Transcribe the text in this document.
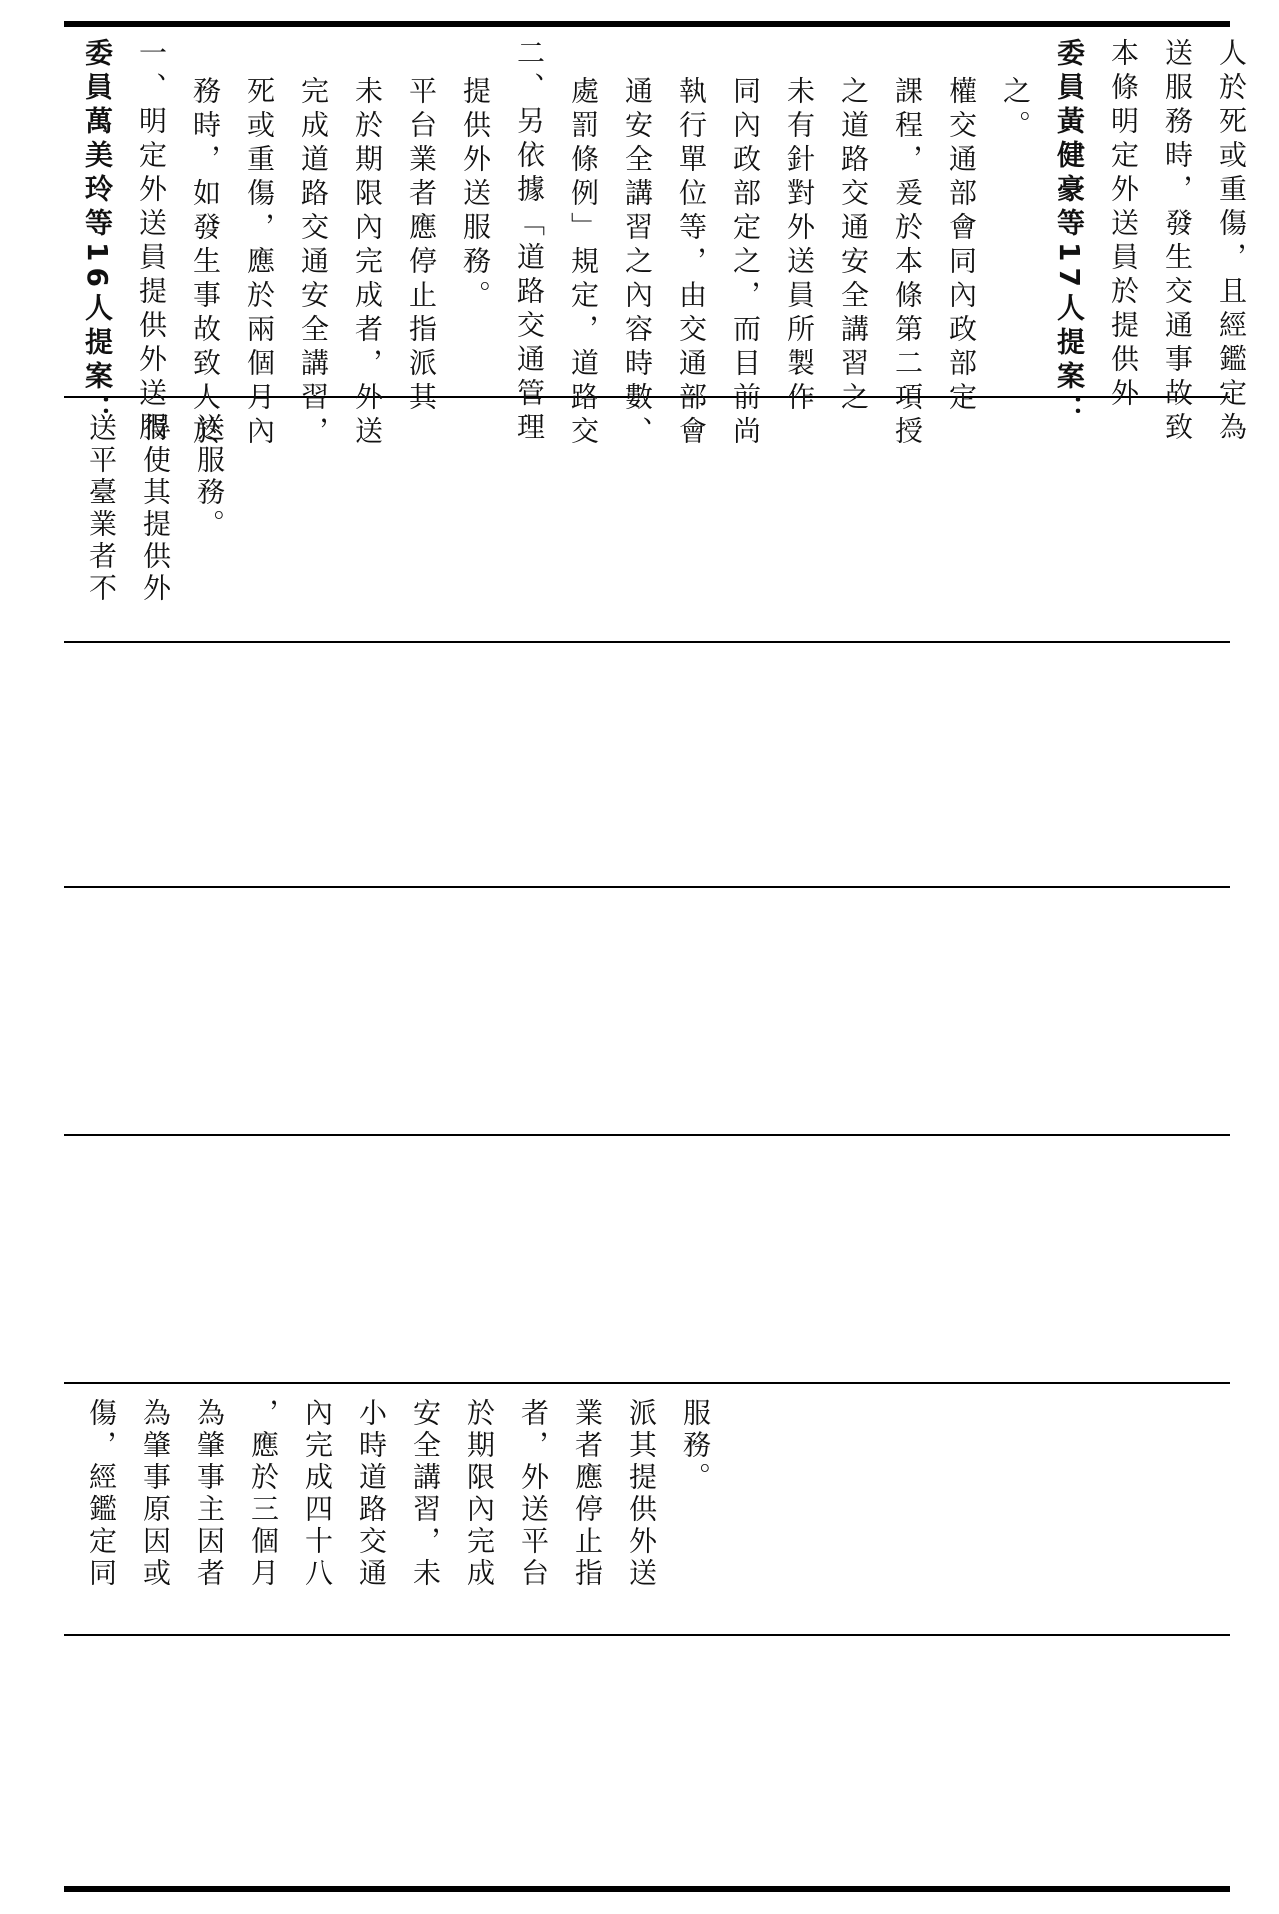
委員萬美玲等16人提案： 一、明定外送員提供外送服 務時，如發生事故致人於 死或重傷，應於兩個月內 完成道路交通安全講習， 未於期限內完成者，外送 平台業者應停止指派其 提供外送服務。 二、另依據「道路交通管理 處罰條例」規定，道路交 通安全講習之內容時數、 執行單位等，由交通部會 同內政部定之，而目前尚 未有針對外送員所製作 之道路交通安全講習之 課程，爰於本條第二項授 權交通部會同內政部定 之。 委員黃健豪等17人提案： 本條明定外送員於提供外 送服務時，發生交通事故致 人於死或重傷，且經鑑定為
送平臺業者不 得使其提供外 送服務。
傷，經鑑定同 為肇事原因或 為肇事主因者 ，應於三個月 內完成四十八 小時道路交通 安全講習，未 於期限內完成 者，外送平台 業者應停止指 派其提供外送 服務。
